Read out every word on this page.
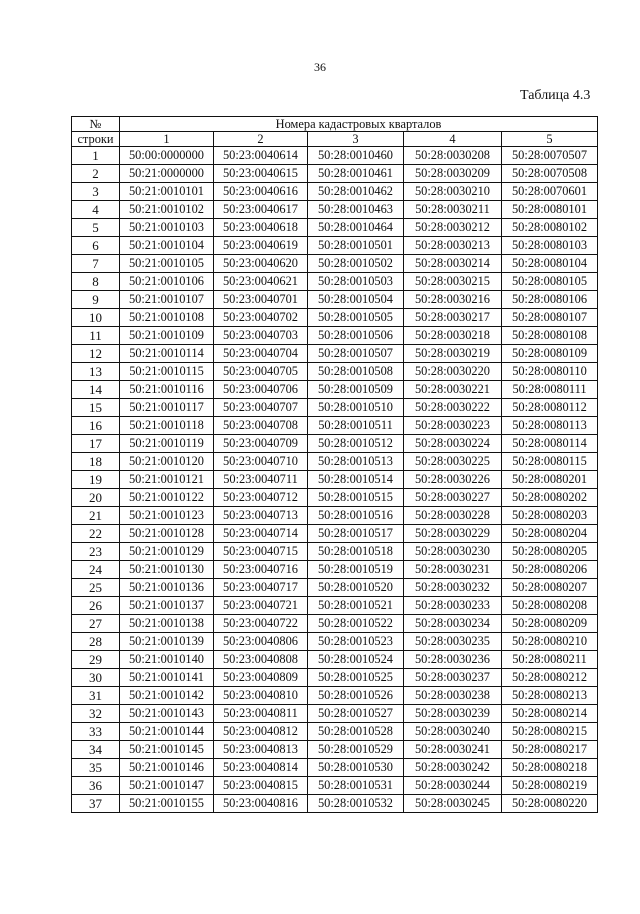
36
Таблица 4.3
№	Номера кадастровых кварталов				
строки	1	2	3	4	5
1	50:00:0000000	50:23:0040614	50:28:0010460	50:28:0030208	50:28:0070507
2	50:21:0000000	50:23:0040615	50:28:0010461	50:28:0030209	50:28:0070508
3	50:21:0010101	50:23:0040616	50:28:0010462	50:28:0030210	50:28:0070601
4	50:21:0010102	50:23:0040617	50:28:0010463	50:28:0030211	50:28:0080101
5	50:21:0010103	50:23:0040618	50:28:0010464	50:28:0030212	50:28:0080102
6	50:21:0010104	50:23:0040619	50:28:0010501	50:28:0030213	50:28:0080103
7	50:21:0010105	50:23:0040620	50:28:0010502	50:28:0030214	50:28:0080104
8	50:21:0010106	50:23:0040621	50:28:0010503	50:28:0030215	50:28:0080105
9	50:21:0010107	50:23:0040701	50:28:0010504	50:28:0030216	50:28:0080106
10	50:21:0010108	50:23:0040702	50:28:0010505	50:28:0030217	50:28:0080107
11	50:21:0010109	50:23:0040703	50:28:0010506	50:28:0030218	50:28:0080108
12	50:21:0010114	50:23:0040704	50:28:0010507	50:28:0030219	50:28:0080109
13	50:21:0010115	50:23:0040705	50:28:0010508	50:28:0030220	50:28:0080110
14	50:21:0010116	50:23:0040706	50:28:0010509	50:28:0030221	50:28:0080111
15	50:21:0010117	50:23:0040707	50:28:0010510	50:28:0030222	50:28:0080112
16	50:21:0010118	50:23:0040708	50:28:0010511	50:28:0030223	50:28:0080113
17	50:21:0010119	50:23:0040709	50:28:0010512	50:28:0030224	50:28:0080114
18	50:21:0010120	50:23:0040710	50:28:0010513	50:28:0030225	50:28:0080115
19	50:21:0010121	50:23:0040711	50:28:0010514	50:28:0030226	50:28:0080201
20	50:21:0010122	50:23:0040712	50:28:0010515	50:28:0030227	50:28:0080202
21	50:21:0010123	50:23:0040713	50:28:0010516	50:28:0030228	50:28:0080203
22	50:21:0010128	50:23:0040714	50:28:0010517	50:28:0030229	50:28:0080204
23	50:21:0010129	50:23:0040715	50:28:0010518	50:28:0030230	50:28:0080205
24	50:21:0010130	50:23:0040716	50:28:0010519	50:28:0030231	50:28:0080206
25	50:21:0010136	50:23:0040717	50:28:0010520	50:28:0030232	50:28:0080207
26	50:21:0010137	50:23:0040721	50:28:0010521	50:28:0030233	50:28:0080208
27	50:21:0010138	50:23:0040722	50:28:0010522	50:28:0030234	50:28:0080209
28	50:21:0010139	50:23:0040806	50:28:0010523	50:28:0030235	50:28:0080210
29	50:21:0010140	50:23:0040808	50:28:0010524	50:28:0030236	50:28:0080211
30	50:21:0010141	50:23:0040809	50:28:0010525	50:28:0030237	50:28:0080212
31	50:21:0010142	50:23:0040810	50:28:0010526	50:28:0030238	50:28:0080213
32	50:21:0010143	50:23:0040811	50:28:0010527	50:28:0030239	50:28:0080214
33	50:21:0010144	50:23:0040812	50:28:0010528	50:28:0030240	50:28:0080215
34	50:21:0010145	50:23:0040813	50:28:0010529	50:28:0030241	50:28:0080217
35	50:21:0010146	50:23:0040814	50:28:0010530	50:28:0030242	50:28:0080218
36	50:21:0010147	50:23:0040815	50:28:0010531	50:28:0030244	50:28:0080219
37	50:21:0010155	50:23:0040816	50:28:0010532	50:28:0030245	50:28:0080220
